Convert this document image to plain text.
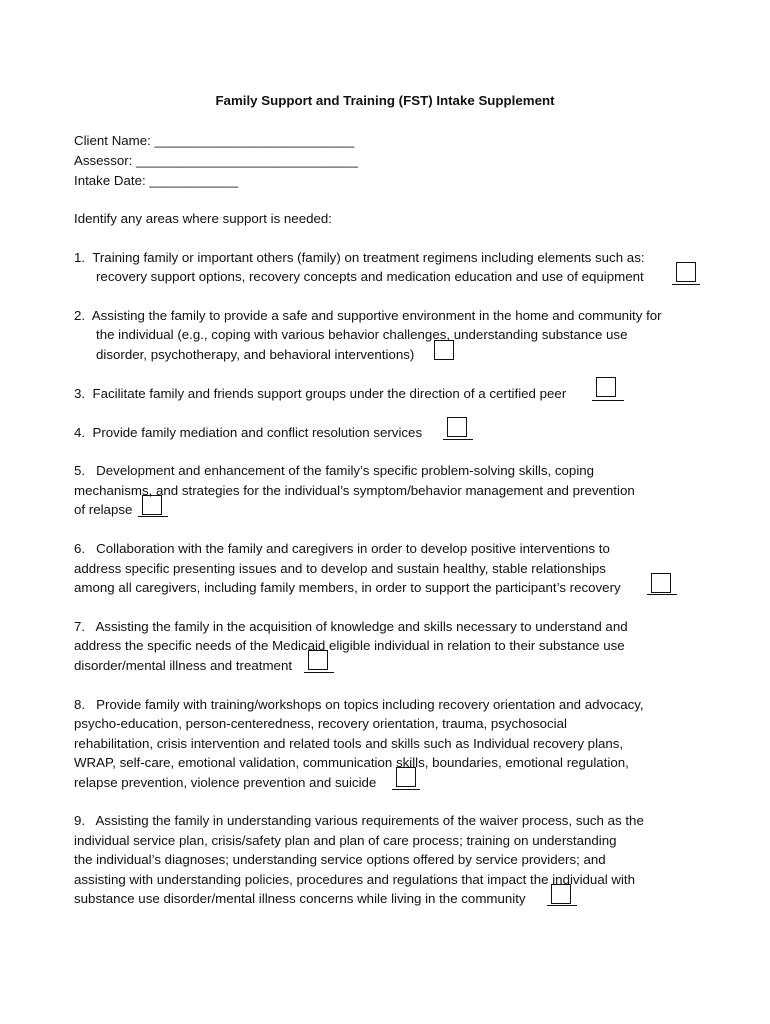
Family Support and Training (FST) Intake Supplement
Client Name: ___________________________
Assessor: ______________________________
Intake Date: ____________
Identify any areas where support is needed:
1.  Training family or important others (family) on treatment regimens including elements such as:
recovery support options, recovery concepts and medication education and use of equipment
2.  Assisting the family to provide a safe and supportive environment in the home and community for
the individual (e.g., coping with various behavior challenges, understanding substance use
disorder, psychotherapy, and behavioral interventions)
3.  Facilitate family and friends support groups under the direction of a certified peer
4.  Provide family mediation and conflict resolution services
5.   Development and enhancement of the family’s specific problem-solving skills, coping
mechanisms, and strategies for the individual’s symptom/behavior management and prevention
of relapse
6.   Collaboration with the family and caregivers in order to develop positive interventions to
address specific presenting issues and to develop and sustain healthy, stable relationships
among all caregivers, including family members, in order to support the participant’s recovery
7.   Assisting the family in the acquisition of knowledge and skills necessary to understand and
address the specific needs of the Medicaid eligible individual in relation to their substance use
disorder/mental illness and treatment
8.   Provide family with training/workshops on topics including recovery orientation and advocacy,
psycho-education, person-centeredness, recovery orientation, trauma, psychosocial
rehabilitation, crisis intervention and related tools and skills such as Individual recovery plans,
WRAP, self-care, emotional validation, communication skills, boundaries, emotional regulation,
relapse prevention, violence prevention and suicide
9.   Assisting the family in understanding various requirements of the waiver process, such as the
individual service plan, crisis/safety plan and plan of care process; training on understanding
the individual’s diagnoses; understanding service options offered by service providers; and
assisting with understanding policies, procedures and regulations that impact the individual with
substance use disorder/mental illness concerns while living in the community
